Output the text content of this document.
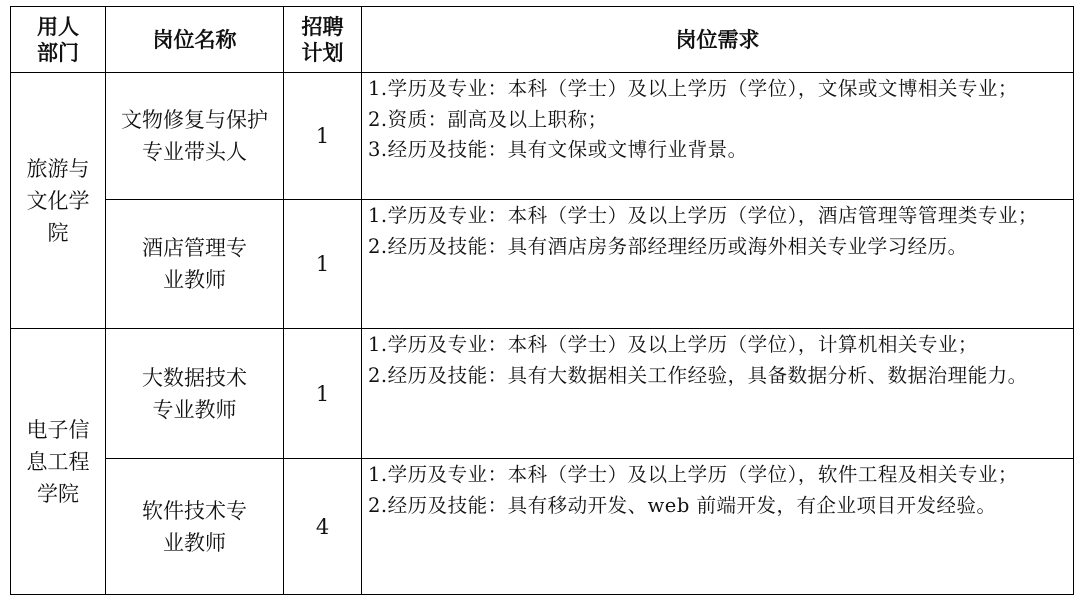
用人部门	岗位名称	招聘计划	岗位需求

旅游与文化学院	文物修复与保护专业带头人	1	1.学历及专业：本科（学士）及以上学历（学位），文保或文博相关专业；
2.资质：副高及以上职称；
3.经历及技能：具有文保或文博行业背景。

	酒店管理专业教师	1	1.学历及专业：本科（学士）及以上学历（学位），酒店管理等管理类专业；
2.经历及技能：具有酒店房务部经理经历或海外相关专业学习经历。

电子信息工程学院	大数据技术专业教师	1	1.学历及专业：本科（学士）及以上学历（学位），计算机相关专业；
2.经历及技能：具有大数据相关工作经验，具备数据分析、数据治理能力。

	软件技术专业教师	4	1.学历及专业：本科（学士）及以上学历（学位），软件工程及相关专业；
2.经历及技能：具有移动开发、web 前端开发，有企业项目开发经验。
